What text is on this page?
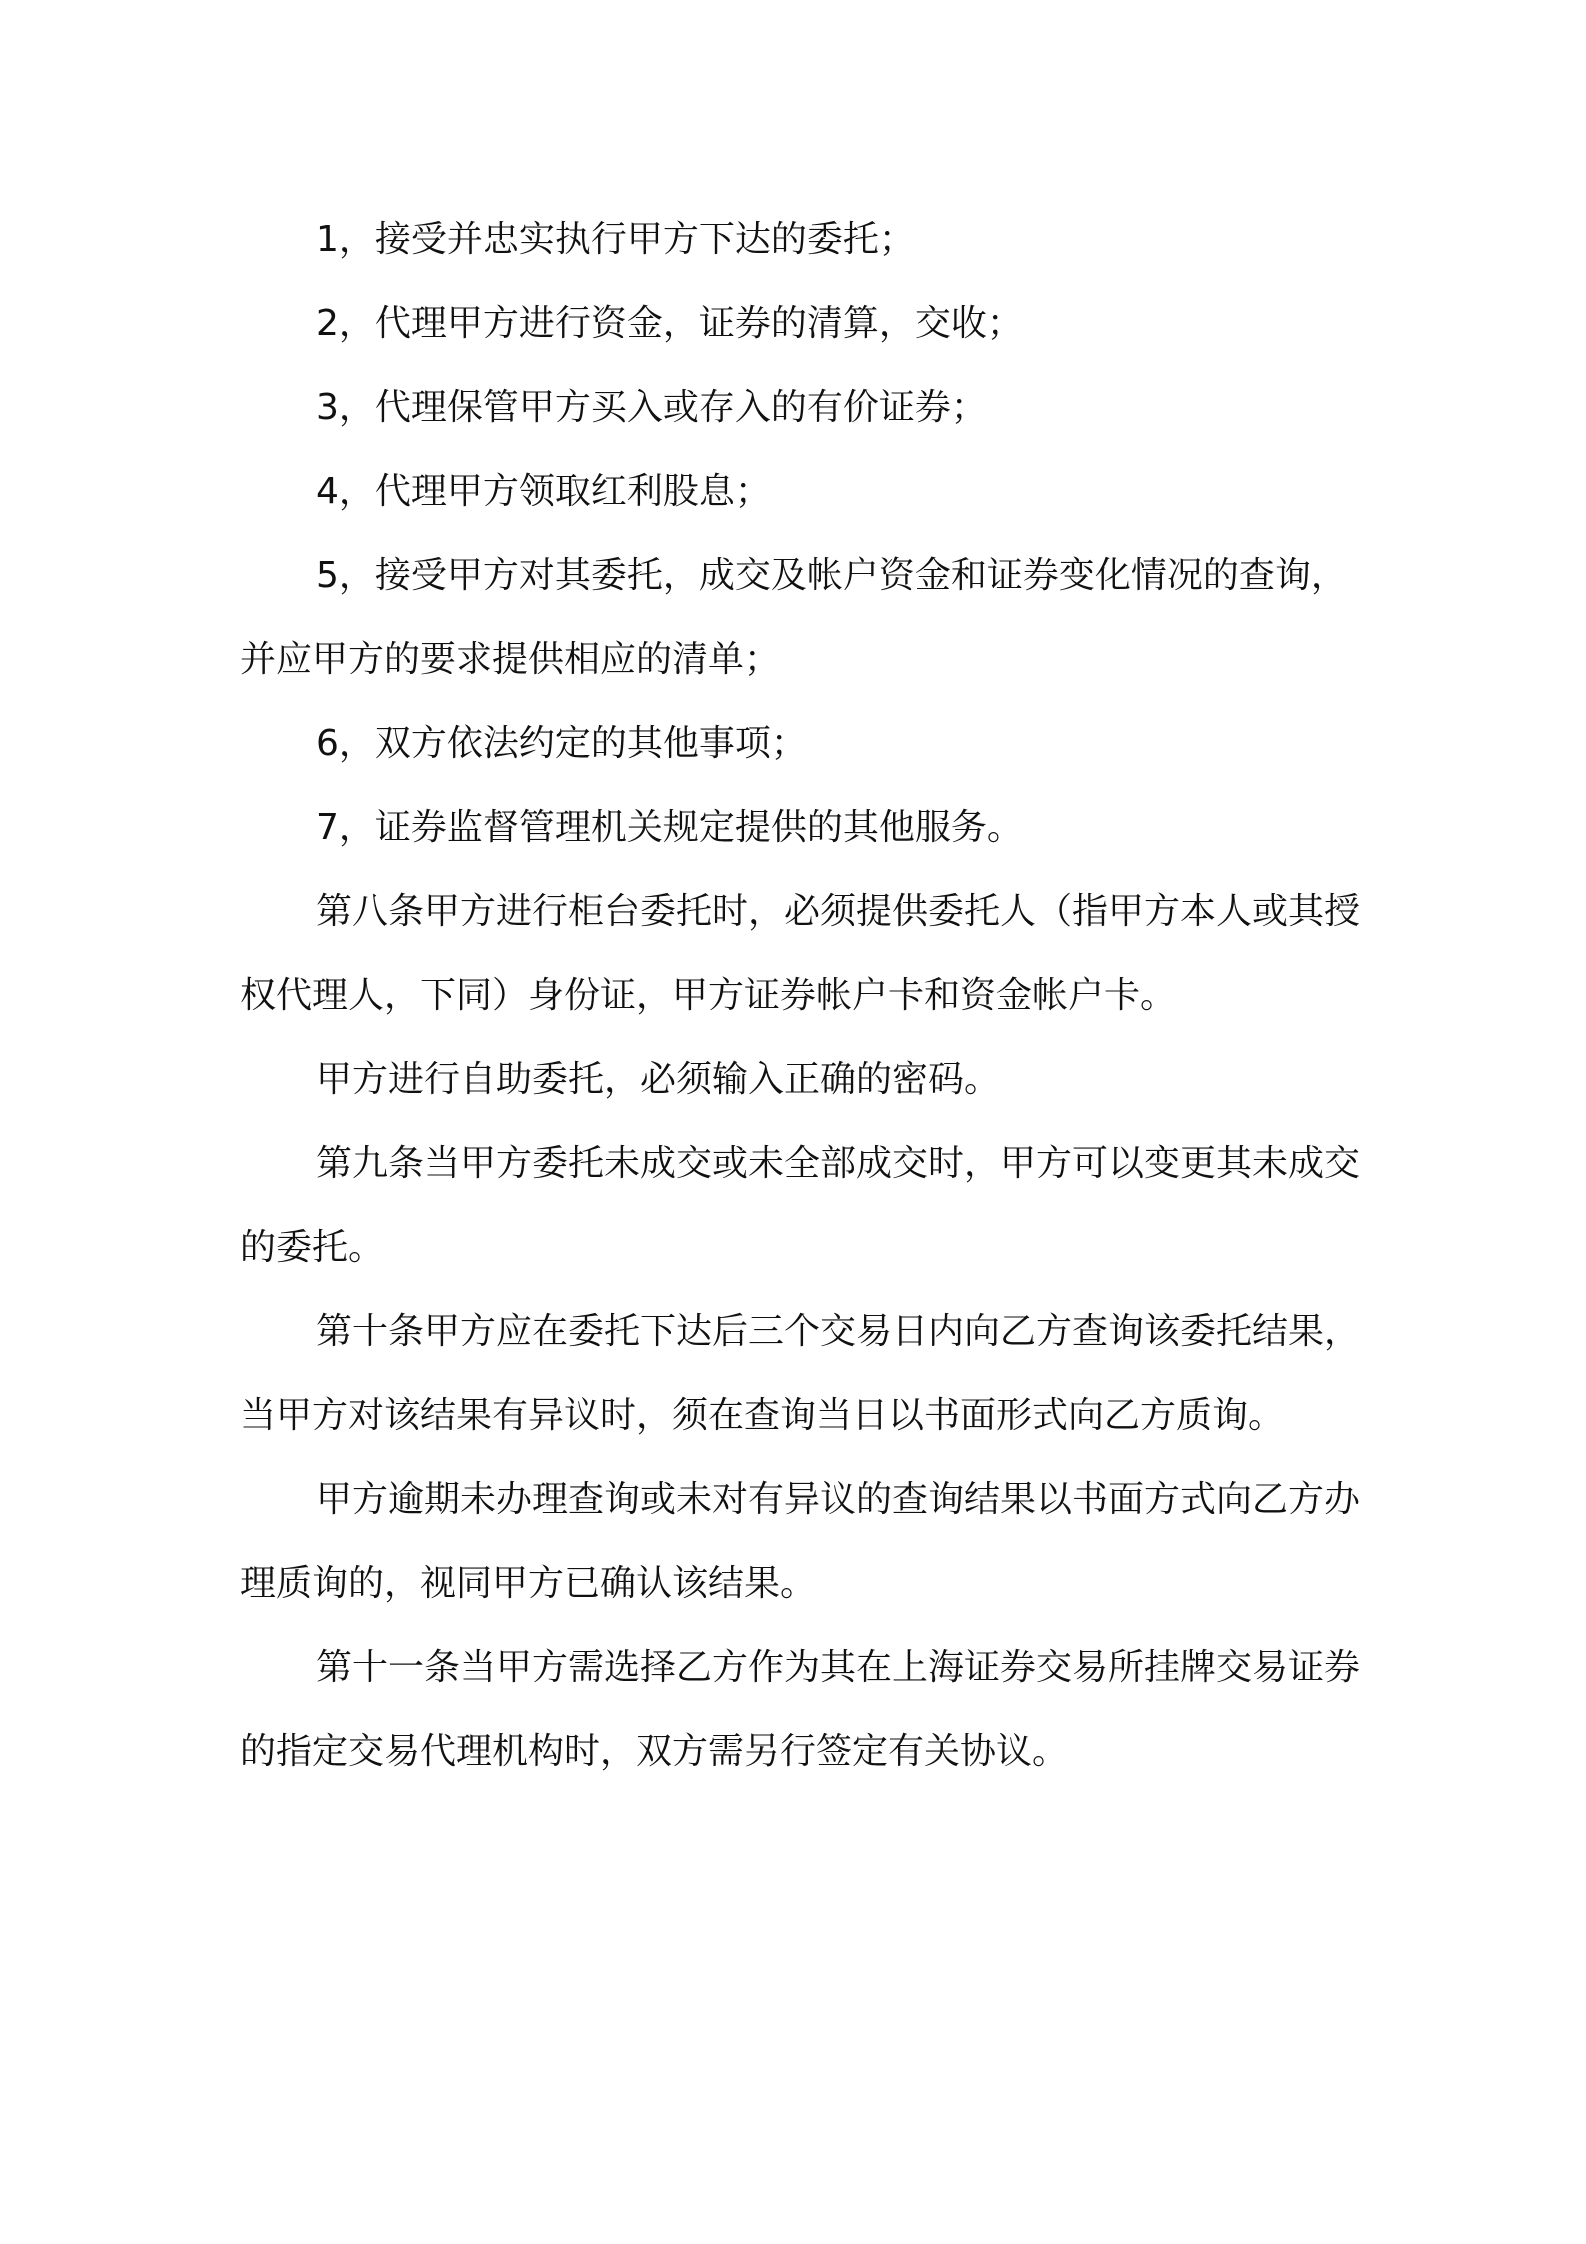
1，接受并忠实执行甲方下达的委托；

2，代理甲方进行资金，证券的清算，交收；

3，代理保管甲方买入或存入的有价证券；

4，代理甲方领取红利股息；

5，接受甲方对其委托，成交及帐户资金和证券变化情况的查询，并应甲方的要求提供相应的清单；

6，双方依法约定的其他事项；

7，证券监督管理机关规定提供的其他服务。

第八条甲方进行柜台委托时，必须提供委托人（指甲方本人或其授权代理人，下同）身份证，甲方证券帐户卡和资金帐户卡。

甲方进行自助委托，必须输入正确的密码。

第九条当甲方委托未成交或未全部成交时，甲方可以变更其未成交的委托。

第十条甲方应在委托下达后三个交易日内向乙方查询该委托结果，当甲方对该结果有异议时，须在查询当日以书面形式向乙方质询。

甲方逾期未办理查询或未对有异议的查询结果以书面方式向乙方办理质询的，视同甲方已确认该结果。

第十一条当甲方需选择乙方作为其在上海证券交易所挂牌交易证券的指定交易代理机构时，双方需另行签定有关协议。
